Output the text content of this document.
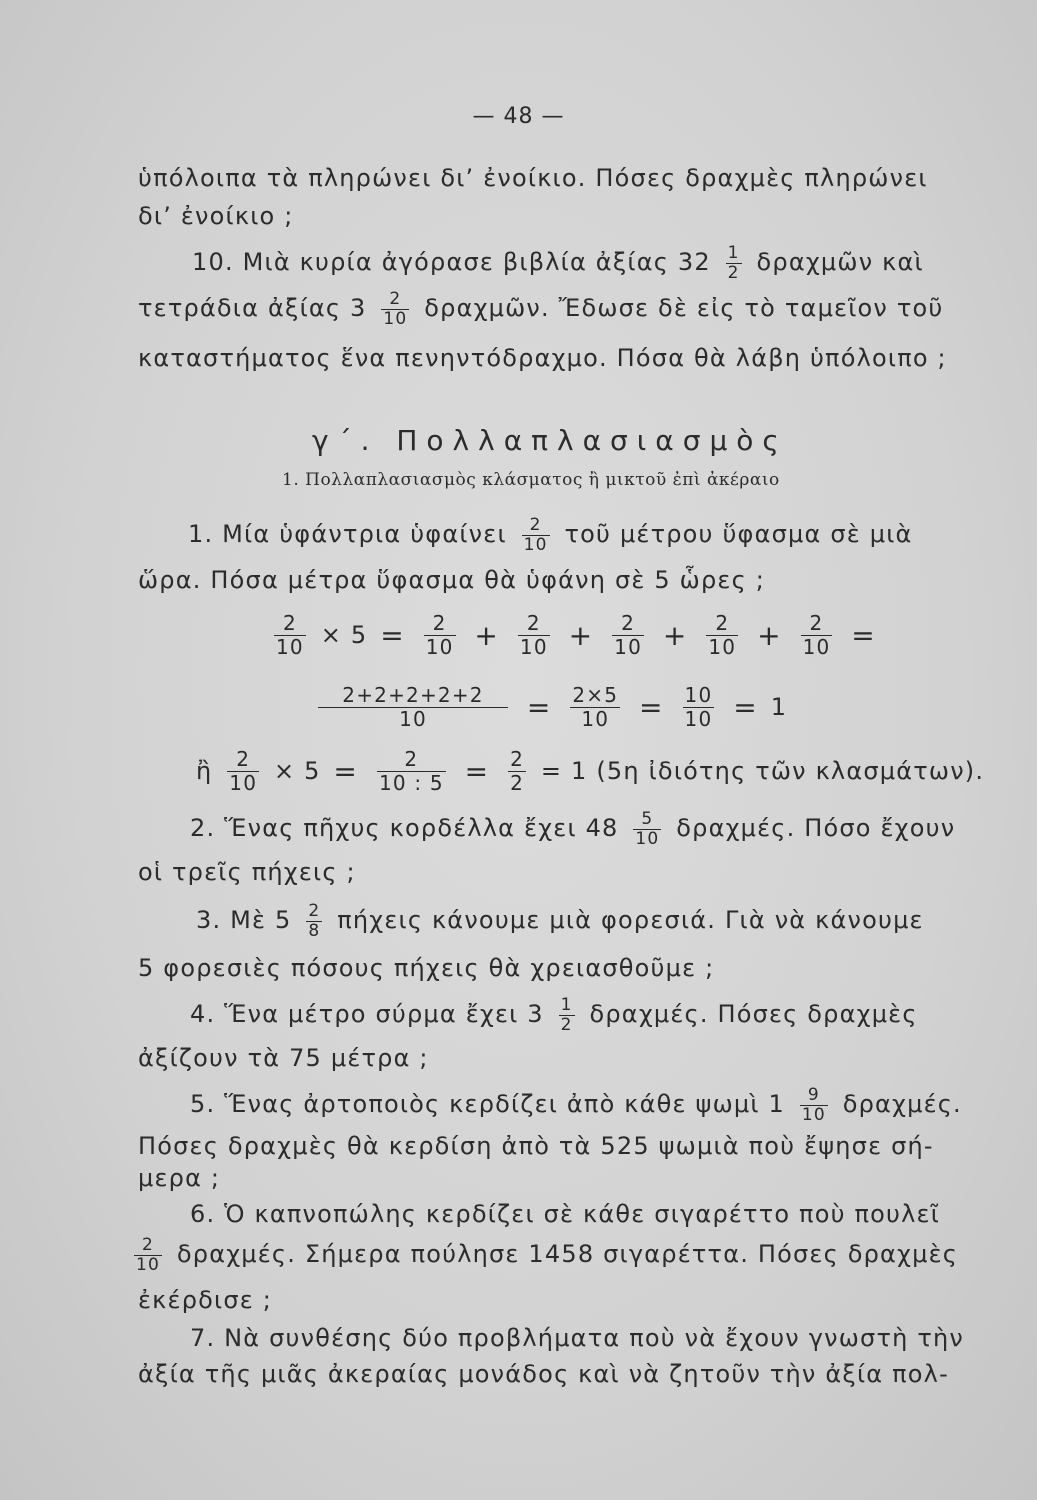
— 48 —
ὑπόλοιπα τὰ πληρώνει δι’ ἐνοίκιο. Πόσες δραχμὲς πληρώνει
δι’ ἐνοίκιο ;
10. Μιὰ κυρία ἀγόρασε βιβλία ἀξίας $32 \frac{1}{2}$ δραχμῶν καὶ
τετράδια ἀξίας $3 \frac{2}{10}$ δραχμῶν. Ἔδωσε δὲ εἰς τὸ ταμεῖον τοῦ
καταστήματος ἕνα πενηντόδραχμο. Πόσα θὰ λάβη ὑπόλοιπο ;
γ΄. Πολλαπλασιασμὸς
1. Πολλαπλασιασμὸς κλάσματος ἢ μικτοῦ ἐπὶ ἀκέραιο
1. Μία ὑφάντρια ὑφαίνει $\frac{2}{10}$ τοῦ μέτρου ὕφασμα σὲ μιὰ
ὥρα. Πόσα μέτρα ὕφασμα θὰ ὑφάνη σὲ 5 ὧρες ;
$\frac{2}{10} \times 5 = \frac{2}{10} + \frac{2}{10} + \frac{2}{10} + \frac{2}{10} + \frac{2}{10}$ =
$\frac{2+2+2+2+2}{10} = \frac{2\times 5}{10} = \frac{10}{10} = 1$
ἢ $\frac{2}{10} \times 5 = \frac{2}{10 : 5} = \frac{2}{2} = 1$ (5η ἰδιότης τῶν κλασμάτων).
2. Ἕνας πῆχυς κορδέλλα ἔχει $48 \frac{5}{10} \delta\rho\alpha\chi\mu έ\varsigma$. Πόσο ἔχουν
οἱ τρεῖς πήχεις ;
3. Μὲ $5 \frac{2}{8}$ πήχεις κάνουμε μιὰ φορεσιά. Γιὰ νὰ κάνουμε
5 φορεσιὲς πόσους πήχεις θὰ χρειασθοῦμε ;
4. Ἕνα μέτρο σύρμα ἔχει $3 \frac{1}{2} \delta\rho\alpha\chi\mu έ\varsigma$. Πόσες δραχμὲς
ἀξίζουν τὰ 75 μέτρα ;
5. Ἕνας ἀρτοποιὸς κερδίζει ἀπὸ κάθε ψωμὶ $1 \frac{9}{10} \delta\rho\alpha\chi\mu έ\varsigma$.
Πόσες δραχμὲς θὰ κερδίση ἀπὸ τὰ 525 ψωμιὰ ποὺ ἔψησε σή-
μερα ;
6. Ὁ καπνοπώλης κερδίζει σὲ κάθε σιγαρέττο ποὺ πουλεῖ
$\frac{2}{10} \delta\rho\alpha\chi\mu έ\varsigma$. Σήμερα πούλησε 1458 σιγαρέττα. Πόσες δραχμὲς
ἐκέρδισε ;
7. Νὰ συνθέσης δύο προβλήματα ποὺ νὰ ἔχουν γνωστὴ τὴν
ἀξία τῆς μιᾶς ἀκεραίας μονάδος καὶ νὰ ζητοῦν τὴν ἀξία πολ-
